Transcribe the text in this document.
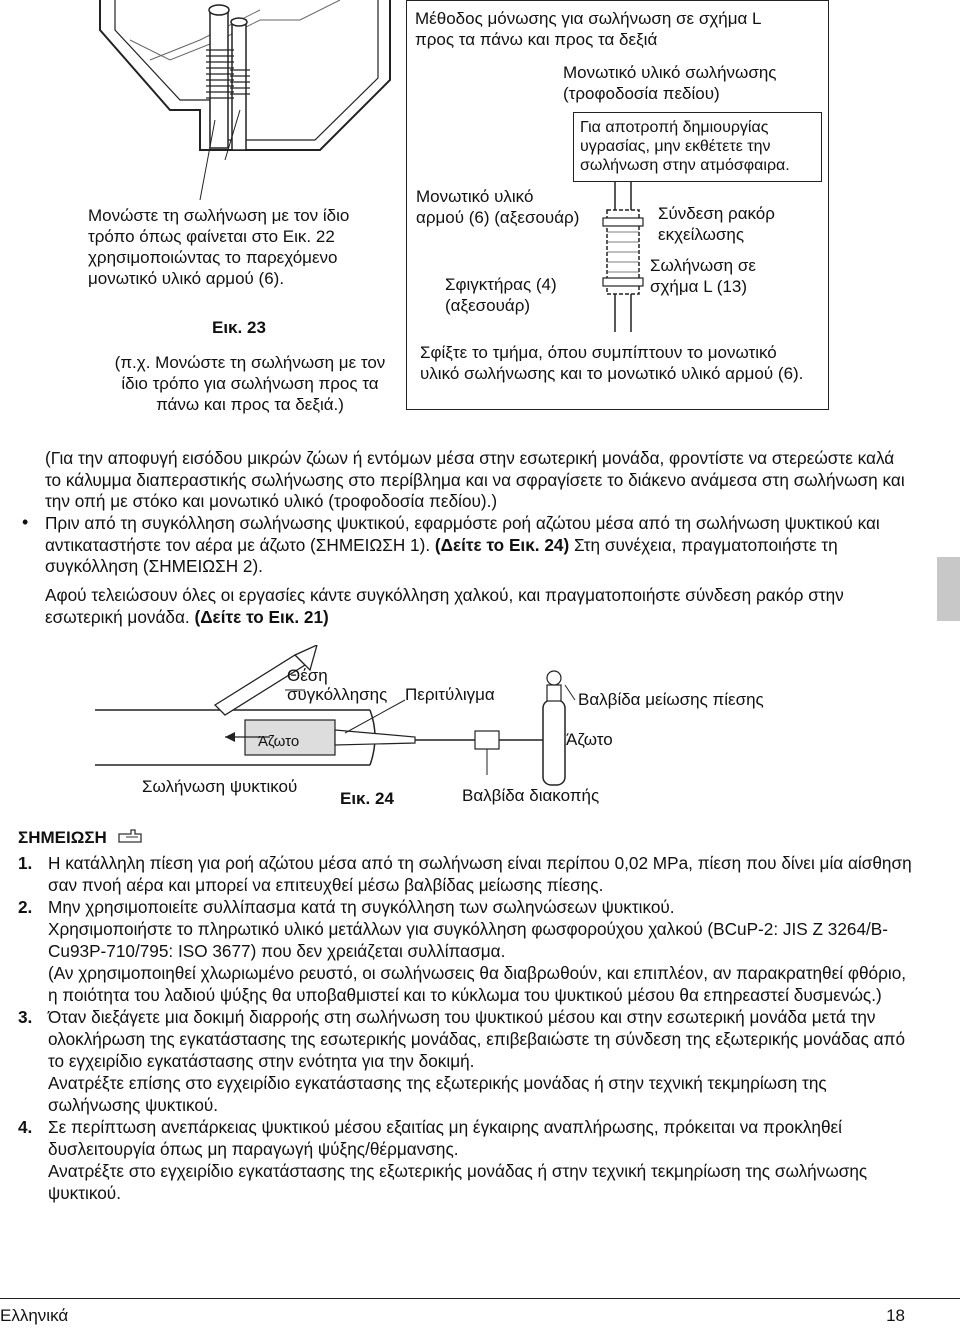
Μονώστε τη σωλήνωση με τον ίδιο τρόπο όπως φαίνεται στο Εικ. 22 χρησιμοποιώντας το παρεχόμενο μονωτικό υλικό αρμού (6).
Εικ. 23
(π.χ. Μονώστε τη σωλήνωση με τον ίδιο τρόπο για σωλήνωση προς τα πάνω και προς τα δεξιά.)
Μέθοδος μόνωσης για σωλήνωση σε σχήμα L προς τα πάνω και προς τα δεξιά
Μονωτικό υλικό σωλήνωσης (τροφοδοσία πεδίου)
Για αποτροπή δημιουργίας υγρασίας, μην εκθέτετε την σωλήνωση στην ατμόσφαιρα.
Μονωτικό υλικό αρμού (6) (αξεσουάρ)	Σύνδεση ρακόρ εκχείλωσης
Σφιγκτήρας (4) (αξεσουάρ)
Σωλήνωση σε σχήμα L (13)
Σφίξτε το τμήμα, όπου συμπίπτουν το μονωτικό υλικό σωλήνωσης και το μονωτικό υλικό αρμού (6).
(Για την αποφυγή εισόδου μικρών ζώων ή εντόμων μέσα στην εσωτερική μονάδα, φροντίστε να στερεώστε καλά το κάλυμμα διαπεραστικής σωλήνωσης στο περίβλημα και να σφραγίσετε το διάκενο ανάμεσα στη σωλήνωση και την οπή με στόκο και μονωτικό υλικό (τροφοδοσία πεδίου).)
• Πριν από τη συγκόλληση σωλήνωσης ψυκτικού, εφαρμόστε ροή αζώτου μέσα από τη σωλήνωση ψυκτικού και αντικαταστήστε τον αέρα με άζωτο (ΣΗΜΕΙΩΣΗ 1). (Δείτε το Εικ. 24) Στη συνέχεια, πραγματοποιήστε τη συγκόλληση (ΣΗΜΕΙΩΣΗ 2).
Αφού τελειώσουν όλες οι εργασίες κάντε συγκόλληση χαλκού, και πραγματοποιήστε σύνδεση ρακόρ στην εσωτερική μονάδα. (Δείτε το Εικ. 21)
Θέση
συγκόλλησης Περιτύλιγμα	Βαλβίδα μείωσης πίεσης
Άζωτο	Άζωτο
Σωλήνωση ψυκτικού
Εικ. 24	Βαλβίδα διακοπής
ΣΗΜΕΙΩΣΗ

1. Η κατάλληλη πίεση για ροή αζώτου μέσα από τη σωλήνωση είναι περίπου 0,02 MPa, πίεση που δίνει μία αίσθηση σαν πνοή αέρα και μπορεί να επιτευχθεί μέσω βαλβίδας μείωσης πίεσης.

2. Μην χρησιμοποιείτε συλλίπασμα κατά τη συγκόλληση των σωληνώσεων ψυκτικού.

Χρησιμοποιήστε το πληρωτικό υλικό μετάλλων για συγκόλληση φωσφορούχου χαλκού (BCuP-2: JIS Z 3264/B-Cu93P-710/795: ISO 3677) που δεν χρειάζεται συλλίπασμα.

(Αν χρησιμοποιηθεί χλωριωμένο ρευστό, οι σωλήνωσεις θα διαβρωθούν, και επιπλέον, αν παρακρατηθεί φθόριο, η ποιότητα του λαδιού ψύξης θα υποβαθμιστεί και το κύκλωμα του ψυκτικού μέσου θα επηρεαστεί δυσμενώς.)

3. Όταν διεξάγετε μια δοκιμή διαρροής στη σωλήνωση του ψυκτικού μέσου και στην εσωτερική μονάδα μετά την ολοκλήρωση της εγκατάστασης της εσωτερικής μονάδας, επιβεβαιώστε τη σύνδεση της εξωτερικής μονάδας από το εγχειρίδιο εγκατάστασης στην ενότητα για την δοκιμή.

Ανατρέξτε επίσης στο εγχειρίδιο εγκατάστασης της εξωτερικής μονάδας ή στην τεχνική τεκμηρίωση της σωλήνωσης ψυκτικού.

4. Σε περίπτωση ανεπάρκειας ψυκτικού μέσου εξαιτίας μη έγκαιρης αναπλήρωσης, πρόκειται να προκληθεί δυσλειτουργία όπως μη παραγωγή ψύξης/θέρμανσης.

Ανατρέξτε στο εγχειρίδιο εγκατάστασης της εξωτερικής μονάδας ή στην τεχνική τεκμηρίωση της σωλήνωσης ψυκτικού.

Ελληνικά	18
